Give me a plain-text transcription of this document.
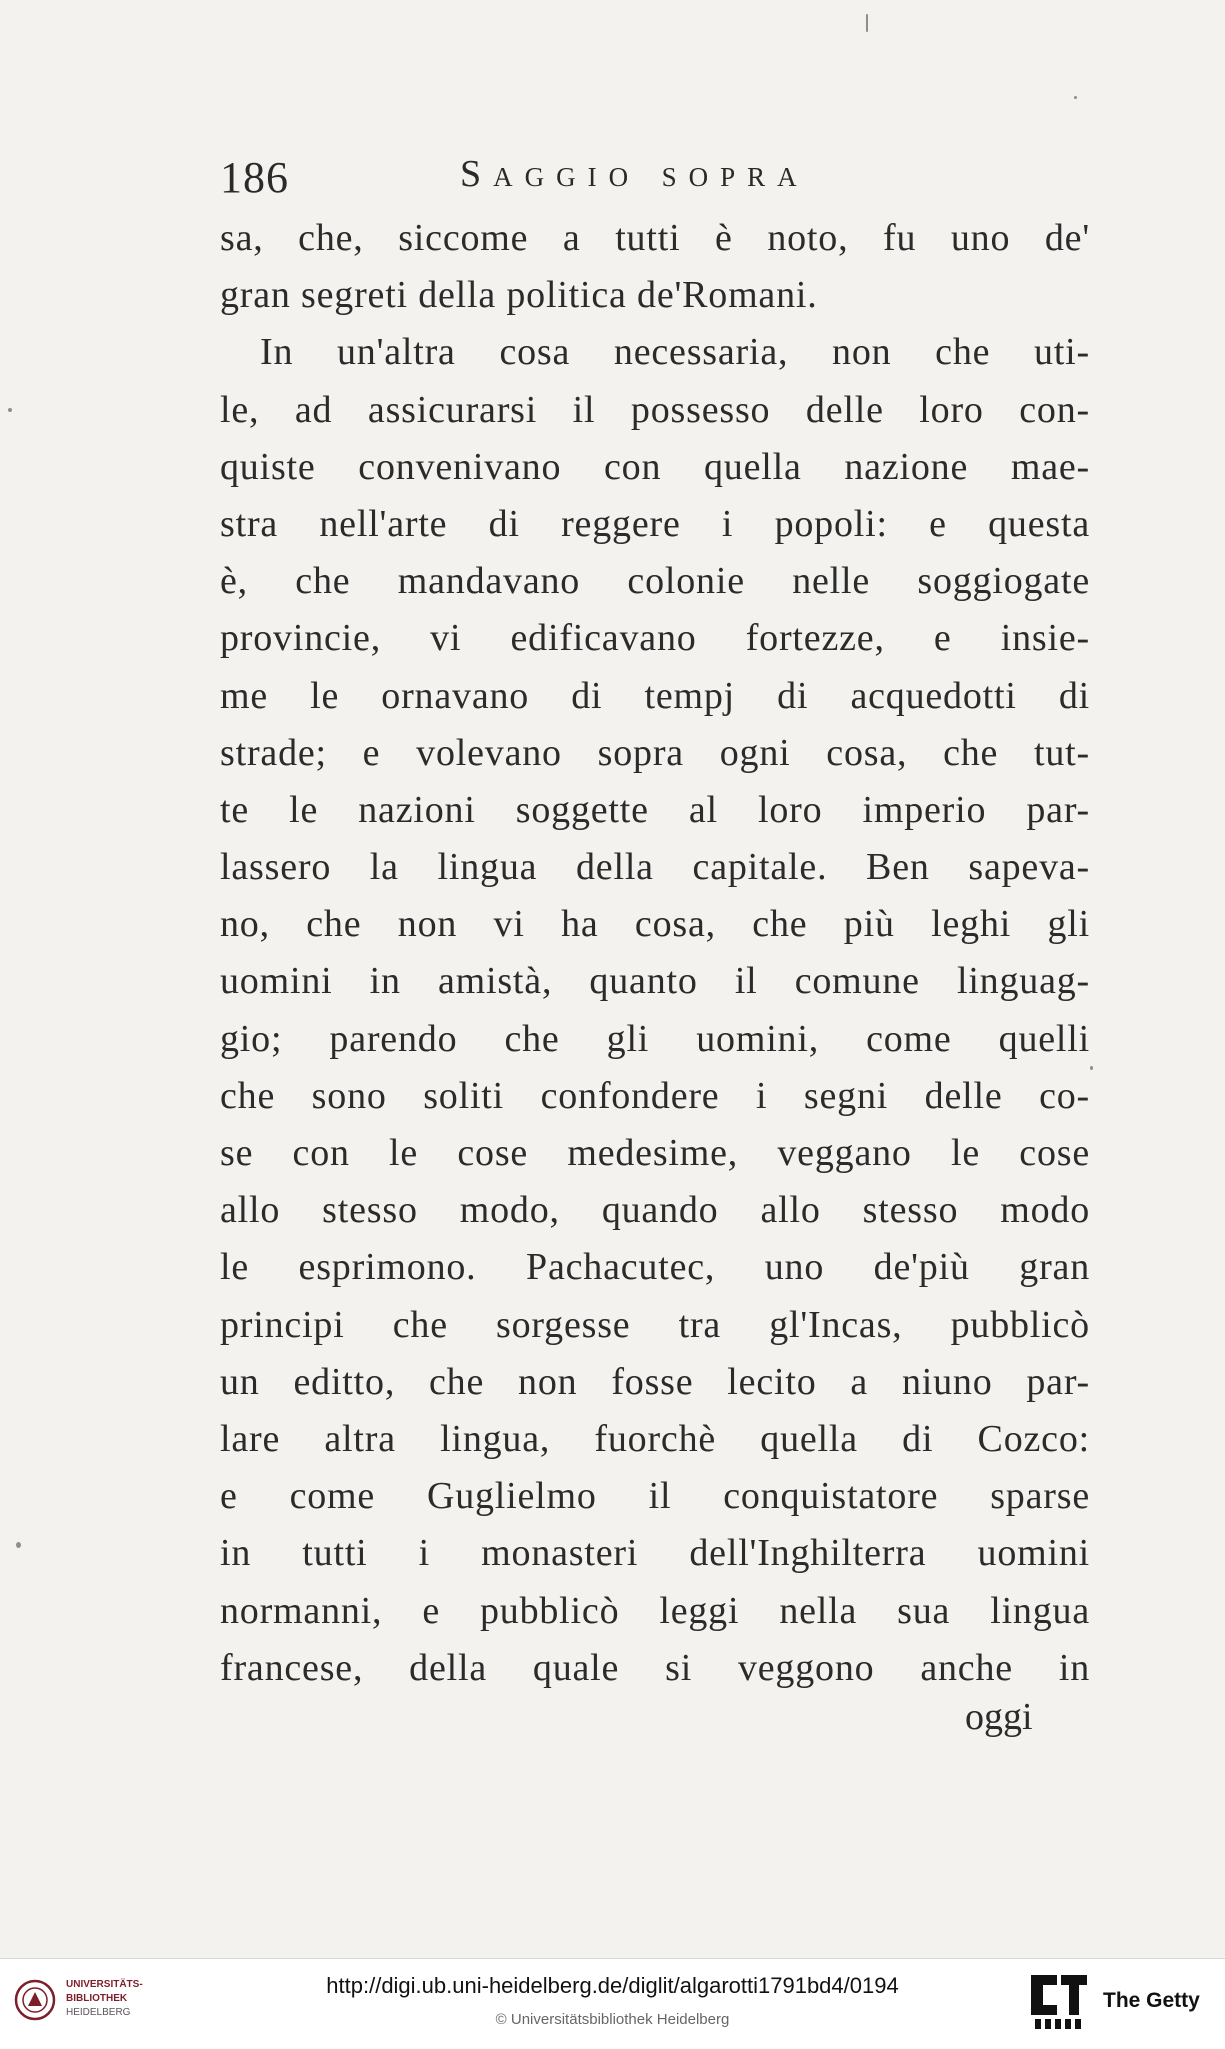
186	Saggio sopra
sa, che, siccome a tutti è noto, fu uno de'
gran segreti della politica de'Romani.
In un'altra cosa necessaria, non che uti-
le, ad assicurarsi il possesso delle loro con-
quiste convenivano con quella nazione mae-
stra nell'arte di reggere i popoli: e questa
è, che mandavano colonie nelle soggiogate
provincie, vi edificavano fortezze, e insie-
me le ornavano di tempj di acquedotti di
strade; e volevano sopra ogni cosa, che tut-
te le nazioni soggette al loro imperio par-
lassero la lingua della capitale. Ben sapeva-
no, che non vi ha cosa, che più leghi gli
uomini in amistà, quanto il comune linguag-
gio; parendo che gli uomini, come quelli
che sono soliti confondere i segni delle co-
se con le cose medesime, veggano le cose
allo stesso modo, quando allo stesso modo
le esprimono. Pachacutec, uno de'più gran
principi che sorgesse tra gl'Incas, pubblicò
un editto, che non fosse lecito a niuno par-
lare altra lingua, fuorchè quella di Cozco:
e come Guglielmo il conquistatore sparse
in tutti i monasteri dell'Inghilterra uomini
normanni, e pubblicò leggi nella sua lingua
francese, della quale si veggono anche in
oggi
UNIVERSITÄTS-
BIBLIOTHEK
HEIDELBERG
http://digi.ub.uni-heidelberg.de/diglit/algarotti1791bd4/0194
© Universitätsbibliothek Heidelberg
The Getty
